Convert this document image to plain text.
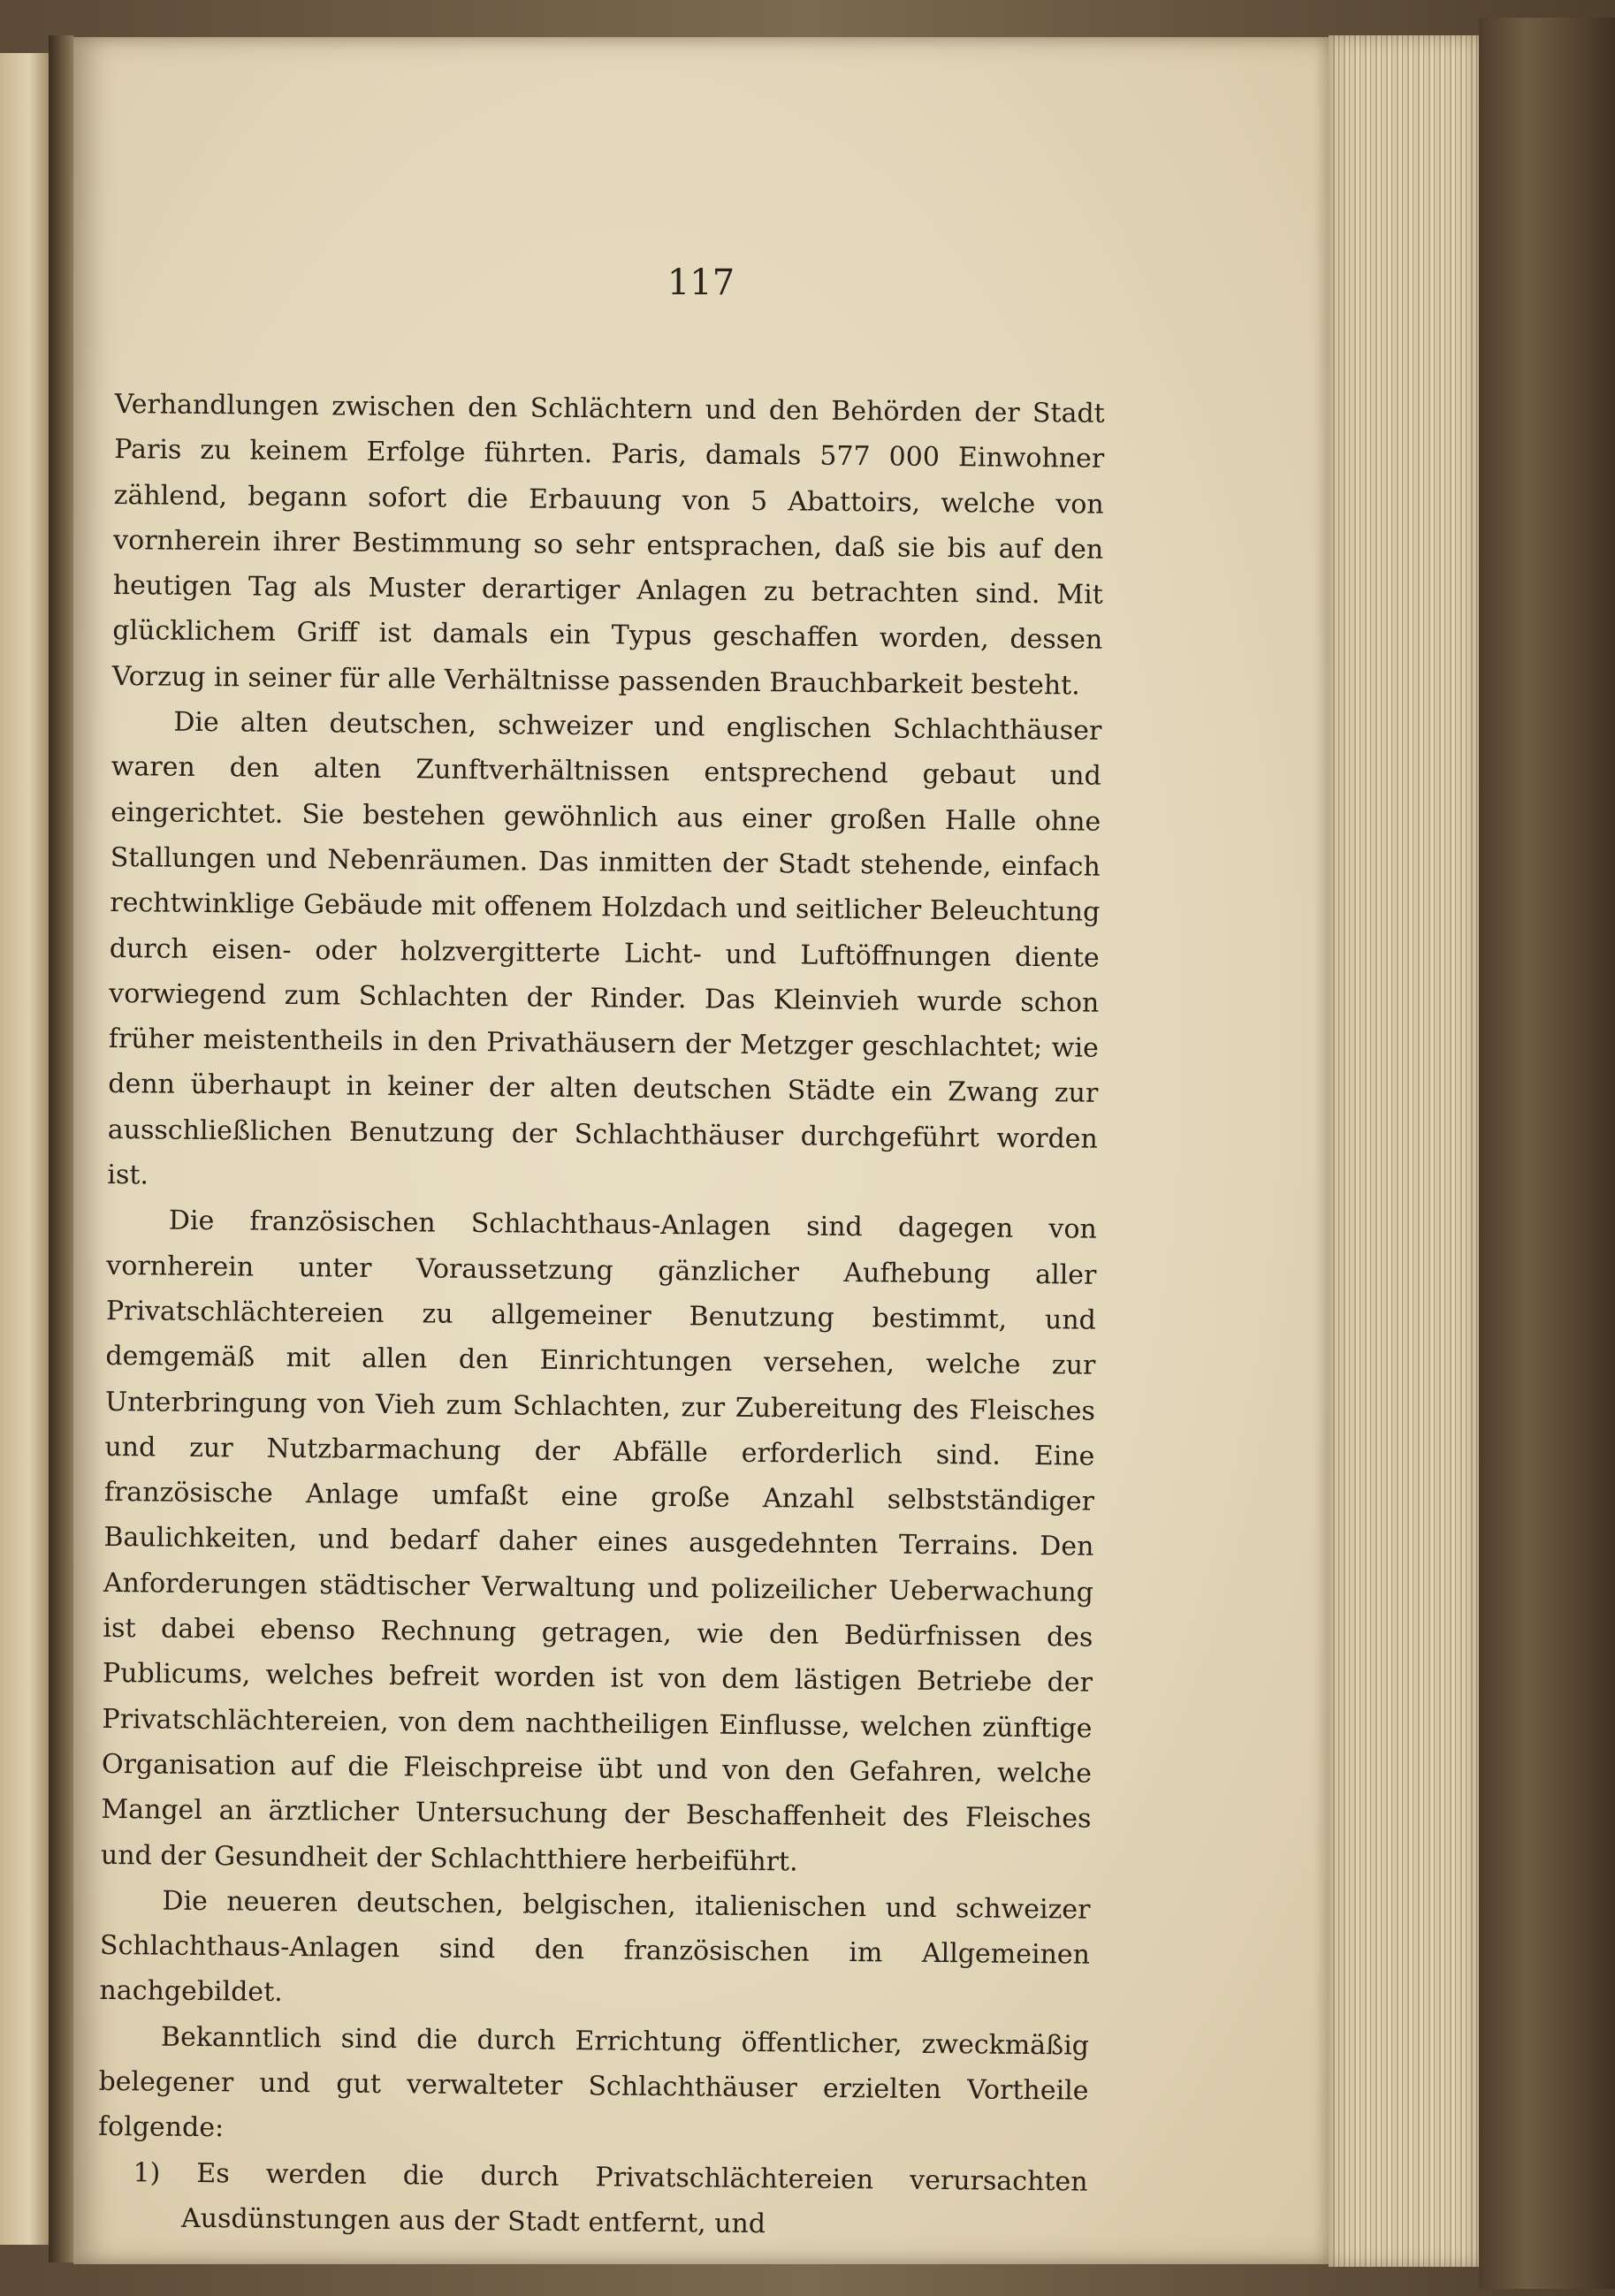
117

Verhandlungen zwischen den Schlächtern und den Behörden der Stadt Paris zu keinem Erfolge führten. Paris, damals 577 000 Einwohner zählend, begann sofort die Erbauung von 5 Abattoirs, welche von vornherein ihrer Bestimmung so sehr entsprachen, daß sie bis auf den heutigen Tag als Muster derartiger Anlagen zu betrachten sind. Mit glücklichem Griff ist damals ein Typus geschaffen worden, dessen Vorzug in seiner für alle Verhältnisse passenden Brauchbarkeit besteht.

Die alten deutschen, schweizer und englischen Schlachthäuser waren den alten Zunftverhältnissen entsprechend gebaut und eingerichtet. Sie bestehen gewöhnlich aus einer großen Halle ohne Stallungen und Nebenräumen. Das inmitten der Stadt stehende, einfach rechtwinklige Gebäude mit offenem Holzdach und seitlicher Beleuchtung durch eisen- oder holzvergitterte Licht- und Luftöffnungen diente vorwiegend zum Schlachten der Rinder. Das Kleinvieh wurde schon früher meistentheils in den Privathäusern der Metzger geschlachtet; wie denn überhaupt in keiner der alten deutschen Städte ein Zwang zur ausschließlichen Benutzung der Schlachthäuser durchgeführt worden ist.

Die französischen Schlachthaus-Anlagen sind dagegen von vornherein unter Voraussetzung gänzlicher Aufhebung aller Privatschlächtereien zu allgemeiner Benutzung bestimmt, und demgemäß mit allen den Einrichtungen versehen, welche zur Unterbringung von Vieh zum Schlachten, zur Zubereitung des Fleisches und zur Nutzbarmachung der Abfälle erforderlich sind. Eine französische Anlage umfaßt eine große Anzahl selbstständiger Baulichkeiten, und bedarf daher eines ausgedehnten Terrains. Den Anforderungen städtischer Verwaltung und polizeilicher Ueberwachung ist dabei ebenso Rechnung getragen, wie den Bedürfnissen des Publicums, welches befreit worden ist von dem lästigen Betriebe der Privatschlächtereien, von dem nachtheiligen Einflusse, welchen zünftige Organisation auf die Fleischpreise übt und von den Gefahren, welche Mangel an ärztlicher Untersuchung der Beschaffenheit des Fleisches und der Gesundheit der Schlachtthiere herbeiführt.

Die neueren deutschen, belgischen, italienischen und schweizer Schlachthaus-Anlagen sind den französischen im Allgemeinen nachgebildet.

Bekanntlich sind die durch Errichtung öffentlicher, zweckmäßig belegener und gut verwalteter Schlachthäuser erzielten Vortheile folgende:

1) Es werden die durch Privatschlächtereien verursachten Ausdünstungen aus der Stadt entfernt, und
